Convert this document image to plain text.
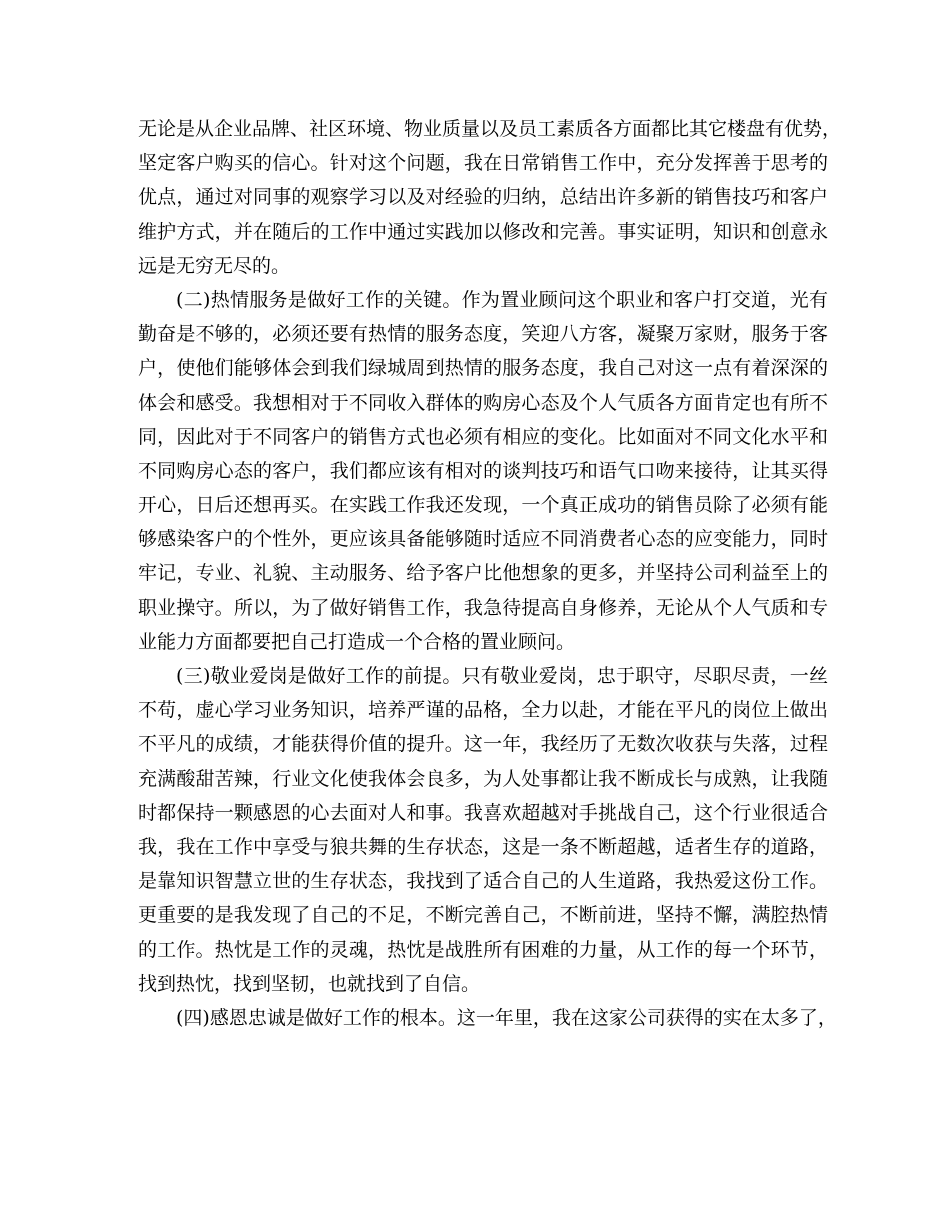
无论是从企业品牌、社区环境、物业质量以及员工素质各方面都比其它楼盘有优势，
坚定客户购买的信心。针对这个问题，我在日常销售工作中，充分发挥善于思考的
优点，通过对同事的观察学习以及对经验的归纳，总结出许多新的销售技巧和客户
维护方式，并在随后的工作中通过实践加以修改和完善。事实证明，知识和创意永
远是无穷无尽的。
(二)热情服务是做好工作的关键。作为置业顾问这个职业和客户打交道，光有
勤奋是不够的，必须还要有热情的服务态度，笑迎八方客，凝聚万家财，服务于客
户，使他们能够体会到我们绿城周到热情的服务态度，我自己对这一点有着深深的
体会和感受。我想相对于不同收入群体的购房心态及个人气质各方面肯定也有所不
同，因此对于不同客户的销售方式也必须有相应的变化。比如面对不同文化水平和
不同购房心态的客户，我们都应该有相对的谈判技巧和语气口吻来接待，让其买得
开心，日后还想再买。在实践工作我还发现，一个真正成功的销售员除了必须有能
够感染客户的个性外，更应该具备能够随时适应不同消费者心态的应变能力，同时
牢记，专业、礼貌、主动服务、给予客户比他想象的更多，并坚持公司利益至上的
职业操守。所以，为了做好销售工作，我急待提高自身修养，无论从个人气质和专
业能力方面都要把自己打造成一个合格的置业顾问。
(三)敬业爱岗是做好工作的前提。只有敬业爱岗，忠于职守，尽职尽责，一丝
不苟，虚心学习业务知识，培养严谨的品格，全力以赴，才能在平凡的岗位上做出
不平凡的成绩，才能获得价值的提升。这一年，我经历了无数次收获与失落，过程
充满酸甜苦辣，行业文化使我体会良多，为人处事都让我不断成长与成熟，让我随
时都保持一颗感恩的心去面对人和事。我喜欢超越对手挑战自己，这个行业很适合
我，我在工作中享受与狼共舞的生存状态，这是一条不断超越，适者生存的道路，
是靠知识智慧立世的生存状态，我找到了适合自己的人生道路，我热爱这份工作。
更重要的是我发现了自己的不足，不断完善自己，不断前进，坚持不懈，满腔热情
的工作。热忱是工作的灵魂，热忱是战胜所有困难的力量，从工作的每一个环节，
找到热忱，找到坚韧，也就找到了自信。
(四)感恩忠诚是做好工作的根本。这一年里，我在这家公司获得的实在太多了，
